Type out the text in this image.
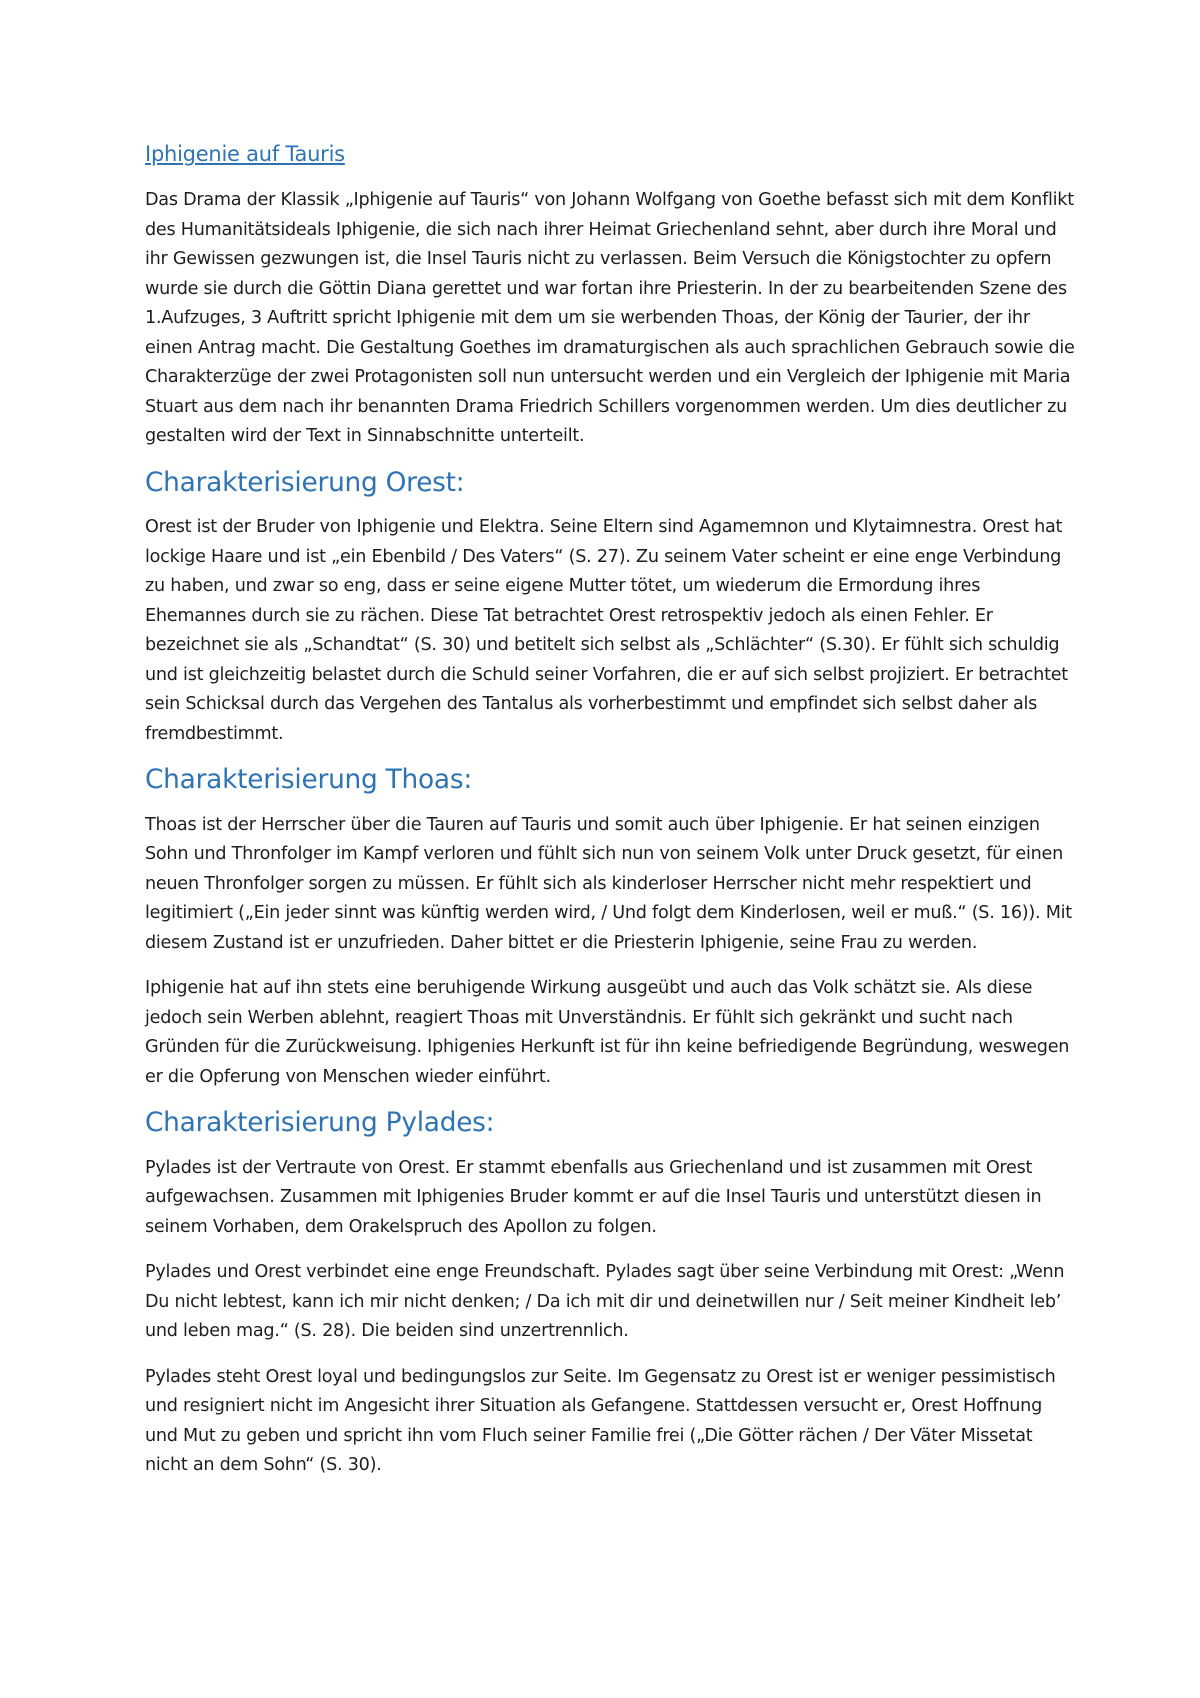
Iphigenie auf Tauris

Das Drama der Klassik „Iphigenie auf Tauris“ von Johann Wolfgang von Goethe befasst sich mit dem Konflikt des Humanitätsideals Iphigenie, die sich nach ihrer Heimat Griechenland sehnt, aber durch ihre Moral und ihr Gewissen gezwungen ist, die Insel Tauris nicht zu verlassen. Beim Versuch die Königstochter zu opfern wurde sie durch die Göttin Diana gerettet und war fortan ihre Priesterin. In der zu bearbeitenden Szene des 1.Aufzuges, 3 Auftritt spricht Iphigenie mit dem um sie werbenden Thoas, der König der Taurier, der ihr einen Antrag macht. Die Gestaltung Goethes im dramaturgischen als auch sprachlichen Gebrauch sowie die Charakterzüge der zwei Protagonisten soll nun untersucht werden und ein Vergleich der Iphigenie mit Maria Stuart aus dem nach ihr benannten Drama Friedrich Schillers vorgenommen werden. Um dies deutlicher zu gestalten wird der Text in Sinnabschnitte unterteilt.

Charakterisierung Orest:

Orest ist der Bruder von Iphigenie und Elektra. Seine Eltern sind Agamemnon und Klytaimnestra. Orest hat lockige Haare und ist „ein Ebenbild / Des Vaters“ (S. 27). Zu seinem Vater scheint er eine enge Verbindung zu haben, und zwar so eng, dass er seine eigene Mutter tötet, um wiederum die Ermordung ihres Ehemannes durch sie zu rächen. Diese Tat betrachtet Orest retrospektiv jedoch als einen Fehler. Er bezeichnet sie als „Schandtat“ (S. 30) und betitelt sich selbst als „Schlächter“ (S.30). Er fühlt sich schuldig und ist gleichzeitig belastet durch die Schuld seiner Vorfahren, die er auf sich selbst projiziert. Er betrachtet sein Schicksal durch das Vergehen des Tantalus als vorherbestimmt und empfindet sich selbst daher als fremdbestimmt.

Charakterisierung Thoas:

Thoas ist der Herrscher über die Tauren auf Tauris und somit auch über Iphigenie. Er hat seinen einzigen Sohn und Thronfolger im Kampf verloren und fühlt sich nun von seinem Volk unter Druck gesetzt, für einen neuen Thronfolger sorgen zu müssen. Er fühlt sich als kinderloser Herrscher nicht mehr respektiert und legitimiert („Ein jeder sinnt was künftig werden wird, / Und folgt dem Kinderlosen, weil er muß.“ (S. 16)). Mit diesem Zustand ist er unzufrieden. Daher bittet er die Priesterin Iphigenie, seine Frau zu werden.

Iphigenie hat auf ihn stets eine beruhigende Wirkung ausgeübt und auch das Volk schätzt sie. Als diese jedoch sein Werben ablehnt, reagiert Thoas mit Unverständnis. Er fühlt sich gekränkt und sucht nach Gründen für die Zurückweisung. Iphigenies Herkunft ist für ihn keine befriedigende Begründung, weswegen er die Opferung von Menschen wieder einführt.

Charakterisierung Pylades:

Pylades ist der Vertraute von Orest. Er stammt ebenfalls aus Griechenland und ist zusammen mit Orest aufgewachsen. Zusammen mit Iphigenies Bruder kommt er auf die Insel Tauris und unterstützt diesen in seinem Vorhaben, dem Orakelspruch des Apollon zu folgen.

Pylades und Orest verbindet eine enge Freundschaft. Pylades sagt über seine Verbindung mit Orest: „Wenn Du nicht lebtest, kann ich mir nicht denken; / Da ich mit dir und deinetwillen nur / Seit meiner Kindheit leb’ und leben mag.“ (S. 28). Die beiden sind unzertrennlich.

Pylades steht Orest loyal und bedingungslos zur Seite. Im Gegensatz zu Orest ist er weniger pessimistisch und resigniert nicht im Angesicht ihrer Situation als Gefangene. Stattdessen versucht er, Orest Hoffnung und Mut zu geben und spricht ihn vom Fluch seiner Familie frei („Die Götter rächen / Der Väter Missetat nicht an dem Sohn“ (S. 30).
